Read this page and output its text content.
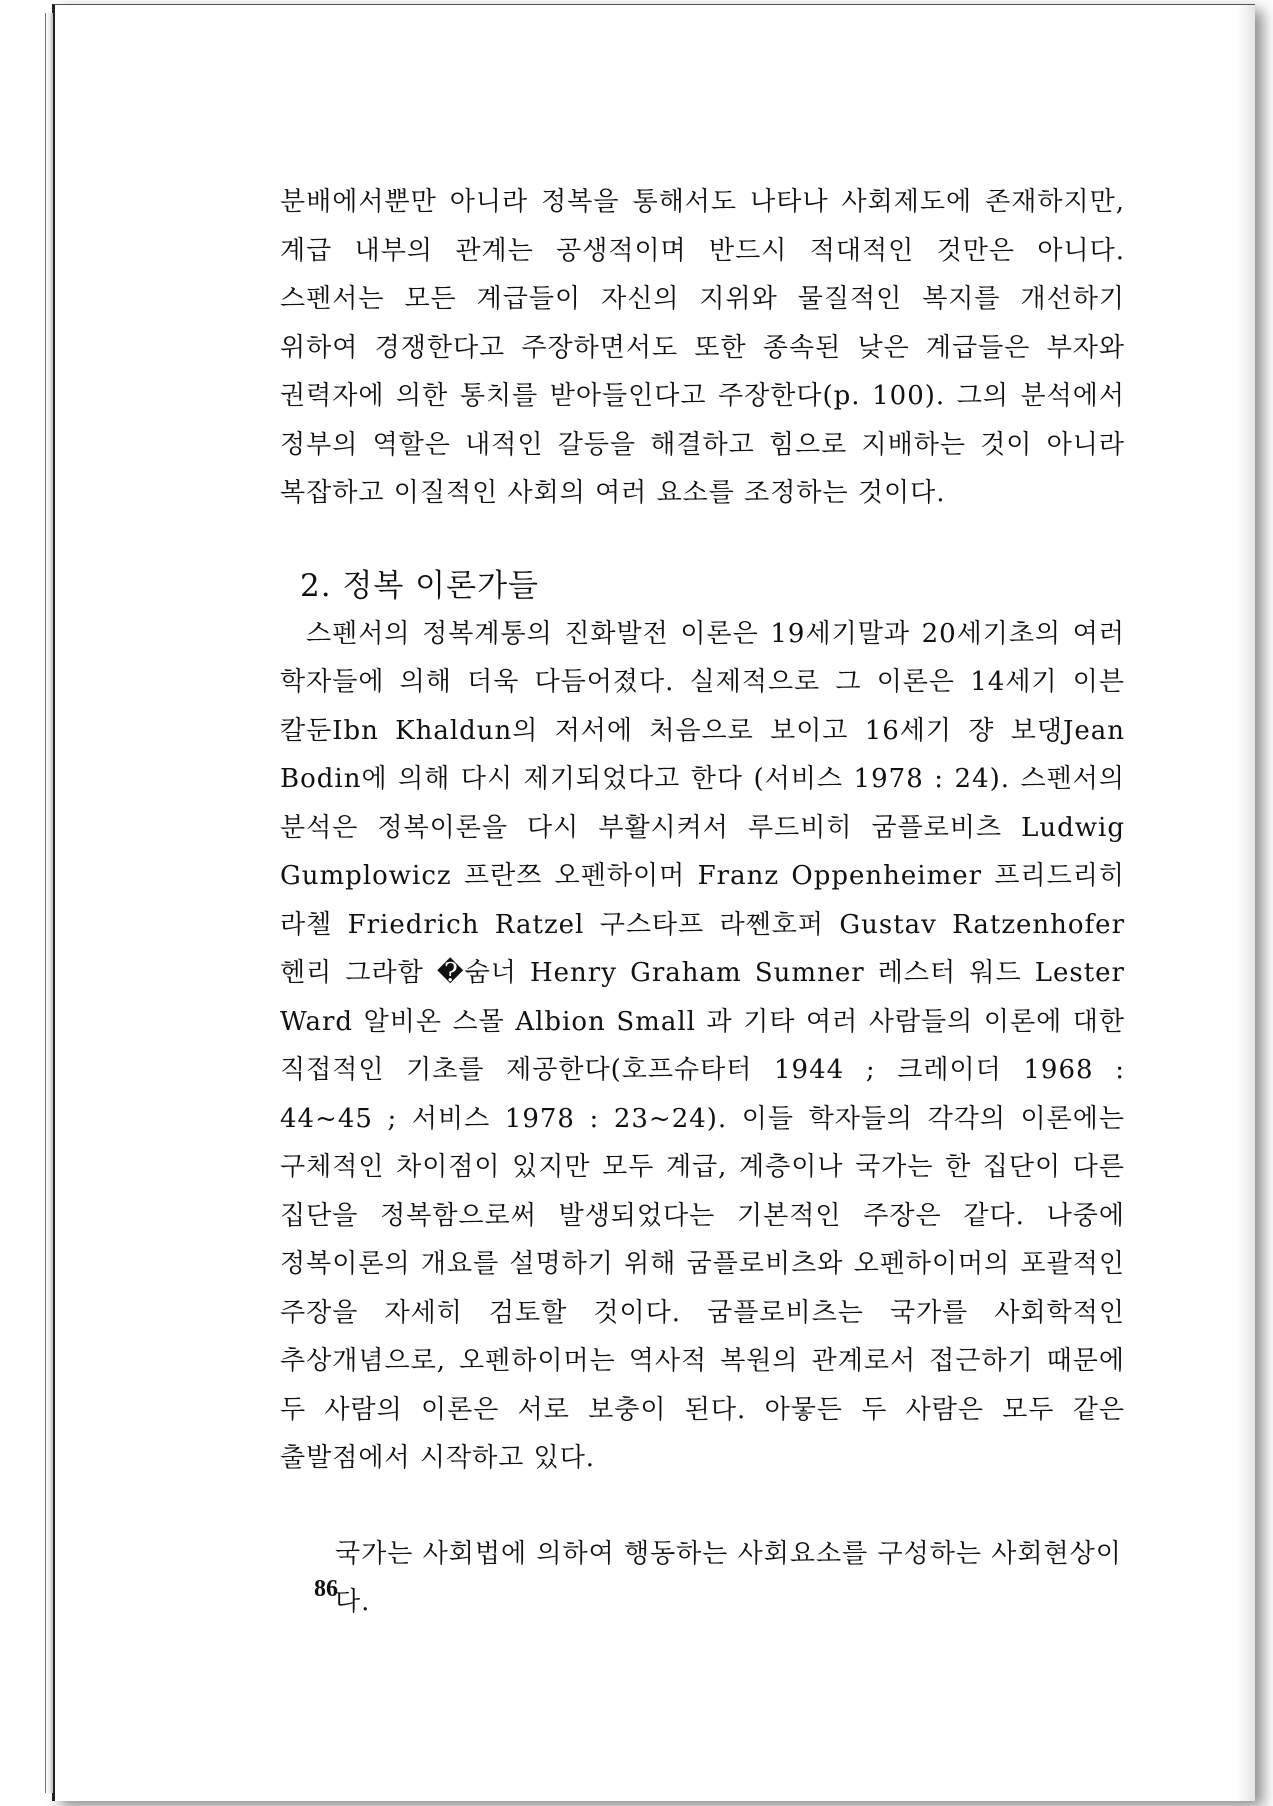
분배에서뿐만 아니라 정복을 통해서도 나타나 사회제도에 존재하지만, 계급 내부의 관계는 공생적이며 반드시 적대적인 것만은 아니다. 스펜서는 모든 계급들이 자신의 지위와 물질적인 복지를 개선하기 위하여 경쟁한다고 주장하면서도 또한 종속된 낮은 계급들은 부자와 권력자에 의한 통치를 받아들인다고 주장한다(p. 100). 그의 분석에서 정부의 역할은 내적인 갈등을 해결하고 힘으로 지배하는 것이 아니라 복잡하고 이질적인 사회의 여러 요소를 조정하는 것이다.

2. 정복 이론가들

스펜서의 정복계통의 진화발전 이론은 19세기말과 20세기초의 여러 학자들에 의해 더욱 다듬어졌다. 실제적으로 그 이론은 14세기 이븐 칼둔Ibn Khaldun의 저서에 처음으로 보이고 16세기 쟝 보댕Jean Bodin에 의해 다시 제기되었다고 한다 (서비스 1978 : 24). 스펜서의 분석은 정복이론을 다시 부활시켜서 루드비히 굼플로비츠 Ludwig Gumplowicz 프란쯔 오펜하이머 Franz Oppenheimer 프리드리히 라첼 Friedrich Ratzel 구스타프 라쩬호퍼 Gustav Ratzenhofer 헨리 그라함 �숨너 Henry Graham Sumner 레스터 워드 Lester Ward 알비온 스몰 Albion Small 과 기타 여러 사람들의 이론에 대한 직접적인 기초를 제공한다(호프슈타터 1944 ; 크레이더 1968 : 44~45 ; 서비스 1978 : 23~24). 이들 학자들의 각각의 이론에는 구체적인 차이점이 있지만 모두 계급, 계층이나 국가는 한 집단이 다른 집단을 정복함으로써 발생되었다는 기본적인 주장은 같다. 나중에 정복이론의 개요를 설명하기 위해 굼플로비츠와 오펜하이머의 포괄적인 주장을 자세히 검토할 것이다. 굼플로비츠는 국가를 사회학적인 추상개념으로, 오펜하이머는 역사적 복원의 관계로서 접근하기 때문에 두 사람의 이론은 서로 보충이 된다. 아뭏든 두 사람은 모두 같은 출발점에서 시작하고 있다.

국가는 사회법에 의하여 행동하는 사회요소를 구성하는 사회현상이다.
86
